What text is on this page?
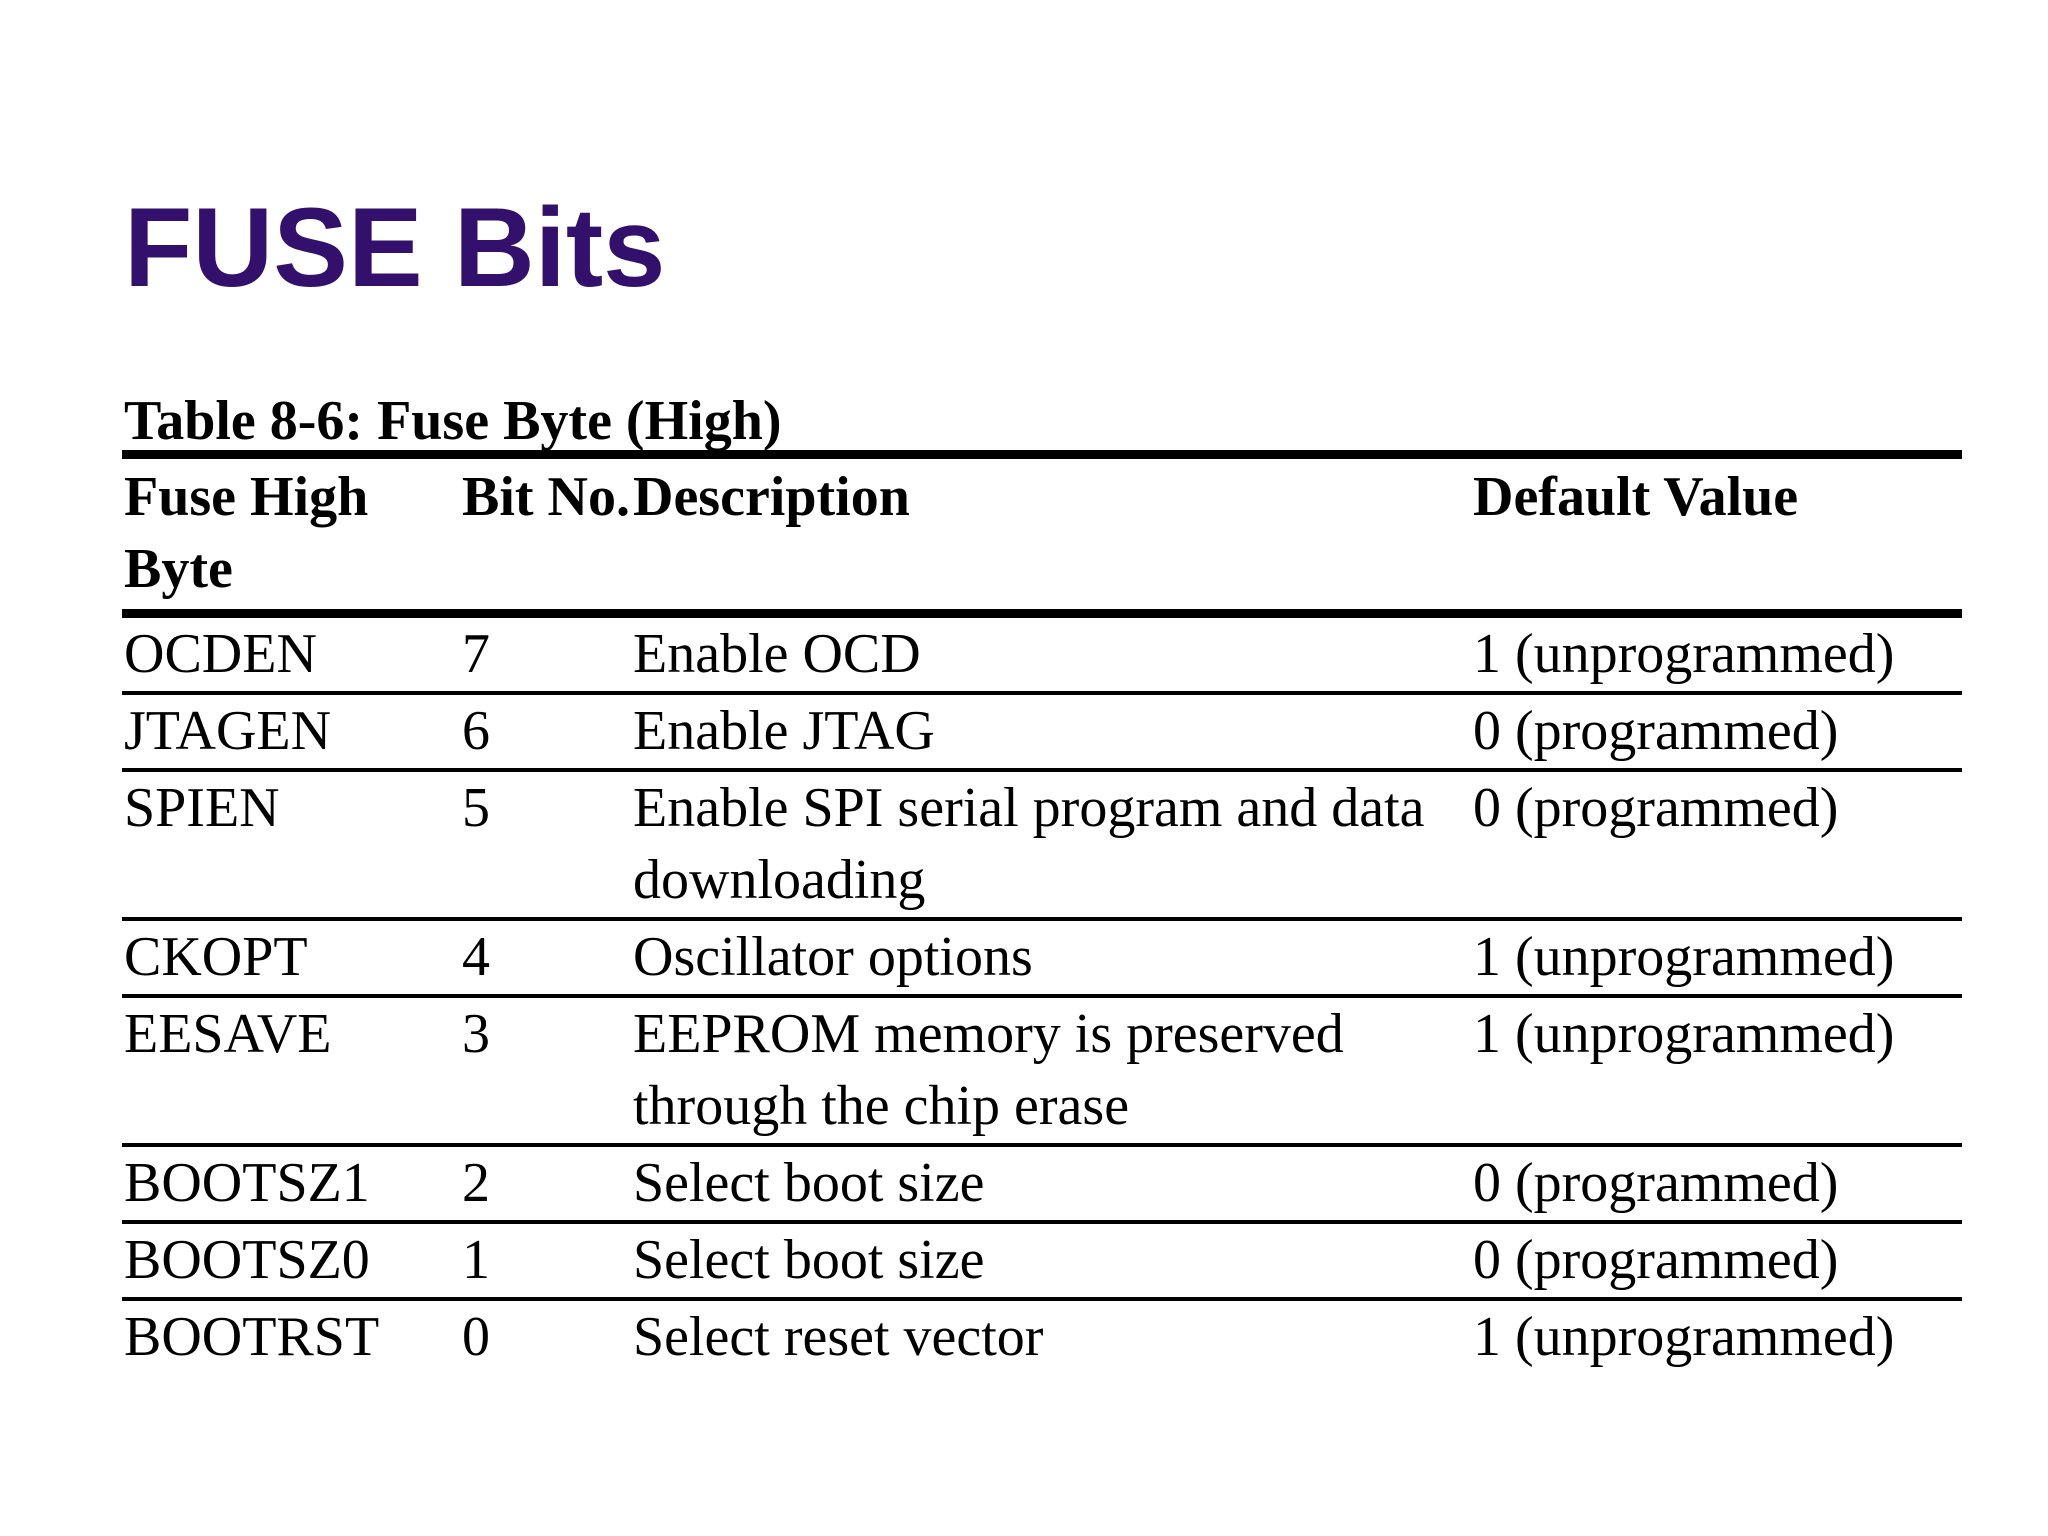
FUSE Bits
Table 8-6: Fuse Byte (High)
Fuse High Byte	Bit No.	Description	Default Value
OCDEN	7	Enable OCD	1 (unprogrammed)
JTAGEN	6	Enable JTAG	0 (programmed)
SPIEN	5	Enable SPI serial program and data downloading	0 (programmed)
CKOPT	4	Oscillator options	1 (unprogrammed)
EESAVE	3	EEPROM memory is preserved through the chip erase	1 (unprogrammed)
BOOTSZ1	2	Select boot size	0 (programmed)
BOOTSZ0	1	Select boot size	0 (programmed)
BOOTRST	0	Select reset vector	1 (unprogrammed)
